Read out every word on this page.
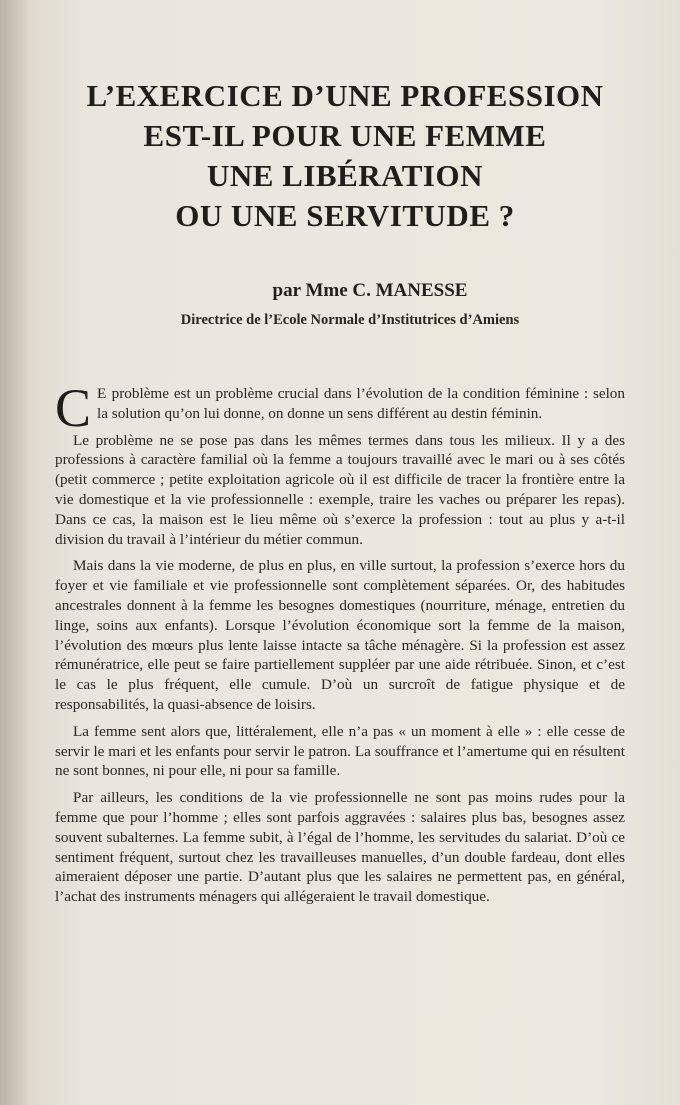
L’EXERCICE D’UNE PROFESSION
EST-IL POUR UNE FEMME
UNE LIBÉRATION
OU UNE SERVITUDE ?
par Mme C. MANESSE
Directrice de l’Ecole Normale d’Institutrices d’Amiens

C E problème est un problème crucial dans l’évolution de la condition féminine : selon la solution qu’on lui donne, on donne un sens différent au destin féminin.

Le problème ne se pose pas dans les mêmes termes dans tous les milieux. Il y a des professions à caractère familial où la femme a toujours travaillé avec le mari ou à ses côtés (petit commerce ; petite exploitation agricole où il est difficile de tracer la frontière entre la vie domestique et la vie professionnelle : exemple, traire les vaches ou préparer les repas). Dans ce cas, la maison est le lieu même où s’exerce la profession : tout au plus y a-t-il division du travail à l’intérieur du métier commun.

Mais dans la vie moderne, de plus en plus, en ville surtout, la profession s’exerce hors du foyer et vie familiale et vie professionnelle sont complètement séparées. Or, des habitudes ancestrales donnent à la femme les besognes domestiques (nourriture, ménage, entretien du linge, soins aux enfants). Lorsque l’évolution économique sort la femme de la maison, l’évolution des mœurs plus lente laisse intacte sa tâche ménagère. Si la profession est assez rémunératrice, elle peut se faire partiellement suppléer par une aide rétribuée. Sinon, et c’est le cas le plus fréquent, elle cumule. D’où un surcroît de fatigue physique et de responsabilités, la quasi-absence de loisirs.

La femme sent alors que, littéralement, elle n’a pas « un moment à elle » : elle cesse de servir le mari et les enfants pour servir le patron. La souffrance et l’amertume qui en résultent ne sont bonnes, ni pour elle, ni pour sa famille.

Par ailleurs, les conditions de la vie professionnelle ne sont pas moins rudes pour la femme que pour l’homme ; elles sont parfois aggravées : salaires plus bas, besognes assez souvent subalternes. La femme subit, à l’égal de l’homme, les servitudes du salariat. D’où ce sentiment fréquent, surtout chez les travailleuses manuelles, d’un double fardeau, dont elles aimeraient déposer une partie. D’autant plus que les salaires ne permettent pas, en général, l’achat des instruments ménagers qui allégeraient le travail domestique.
